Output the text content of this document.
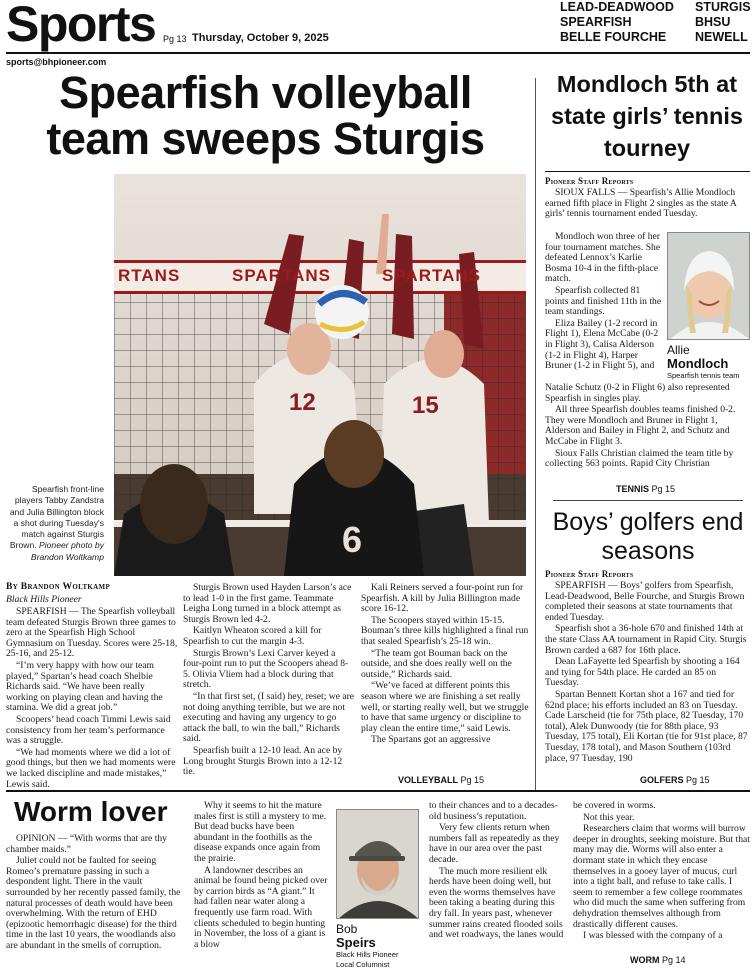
Sports Pg 13 Thursday, October 9, 2025
LEAD-DEADWOOD
SPEARFISH
BELLE FOURCHE
STURGIS
BHSU
NEWELL
sports@bhpioneer.com
Spearfish volleyball team sweeps Sturgis
RTANS	SPARTANS	SPARTANS
12	15
6
Spearfish front-line players Tabby Zandstra and Julia Billington block a shot during Tuesday's match against Sturgis Brown. Pioneer photo by Brandon Woltkamp
By Brandon Woltkamp
Black Hills Pioneer

SPEARFISH — The Spearfish volleyball team defeated Sturgis Brown three games to zero at the Spearfish High School Gymnasium on Tuesday. Scores were 25-18, 25-16, and 25-12.

“I’m very happy with how our team played,” Spartan’s head coach Shelbie Richards said. “We have been really working on playing clean and having the stamina. We did a great job.”

Scoopers’ head coach Timmi Lewis said consistency from her team’s performance was a struggle.

“We had moments where we did a lot of good things, but then we had moments were we lacked discipline and made mistakes,” Lewis said.

Sturgis Brown used Hayden Larson’s ace to lead 1-0 in the first game. Teammate Leigha Long turned in a block attempt as Sturgis Brown led 4-2.

Kaitlyn Wheaton scored a kill for Spearfish to cut the margin 4-3.

Sturgis Brown’s Lexi Carver keyed a four-point run to put the Scoopers ahead 8-5. Olivia Vliem had a block during that stretch.

“In that first set, (I said) hey, reset; we are not doing anything terrible, but we are not executing and having any urgency to go attack the ball, to win the ball,” Richards said.

Spearfish built a 12-10 lead. An ace by Long brought Sturgis Brown into a 12-12 tie.

Kali Reiners served a four-point run for Spearfish. A kill by Julia Billington made score 16-12.

The Scoopers stayed within 15-15. Bouman’s three kills highlighted a final run that sealed Spearfish’s 25-18 win.

“The team got Bouman back on the outside, and she does really well on the outside,” Richards said.

“We’ve faced at different points this season where we are finishing a set really well, or starting really well, but we struggle to have that same urgency or discipline to play clean the entire time,” said Lewis.

The Spartans got an aggressive

VOLLEYBALL Pg 15
Mondloch 5th at state girls’ tennis tourney
Pioneer Staff Reports

SIOUX FALLS — Spearfish’s Allie Mondloch earned fifth place in Flight 2 singles as the state A girls’ tennis tournament ended Tuesday.

Mondloch won three of her four tournament matches. She defeated Lennox’s Karlie Bosma 10-4 in the fifth-place match.

Spearfish collected 81 points and finished 11th in the team standings.

Eliza Bailey (1-2 record in Flight 1), Elena McCabe (0-2 in Flight 3), Calisa Alderson (1-2 in Flight 4), Harper Bruner (1-2 in Flight 5), and

Natalie Schutz (0-2 in Flight 6) also represented Spearfish in singles play.

All three Spearfish doubles teams finished 0-2. They were Mondloch and Bruner in Flight 1, Alderson and Bailey in Flight 2, and Schutz and McCabe in Flight 3.

Sioux Falls Christian claimed the team title by collecting 563 points. Rapid City Christian

Allie
Mondloch
Spearfish tennis team
TENNIS Pg 15
Boys’ golfers end seasons
Pioneer Staff Reports

SPEARFISH — Boys’ golfers from Spearfish, Lead-Deadwood, Belle Fourche, and Sturgis Brown completed their seasons at state tournaments that ended Tuesday.

Spearfish shot a 36-hole 670 and finished 14th at the state Class AA tournament in Rapid City. Sturgis Brown carded a 687 for 16th place.

Dean LaFayette led Spearfish by shooting a 164 and tying for 54th place. He carded an 85 on Tuesday.

Spartan Bennett Kortan shot a 167 and tied for 62nd place; his efforts included an 83 on Tuesday. Cade Larscheid (tie for 75th place, 82 Tuesday, 170 total), Alek Dunwoody (tie for 88th place, 93 Tuesday, 175 total), Eli Kortan (tie for 91st place, 87 Tuesday, 178 total), and Mason Southern (103rd place, 97 Tuesday, 190

GOLFERS Pg 15
Worm lover

OPINION — “With worms that are thy chamber maids.”

Juliet could not be faulted for seeing Romeo’s premature passing in such a despondent light. There in the vault surrounded by her recently passed family, the natural processes of death would have been overwhelming. With the return of EHD (epizootic hemorrhagic disease) for the third time in the last 10 years, the woodlands also are abundant in the smells of corruption.

Why it seems to hit the mature males first is still a mystery to me. But dead bucks have been abundant in the foothills as the disease expands once again from the prairie.

A landowner describes an animal he found being picked over by carrion birds as “A giant.” It had fallen near water along a frequently use farm road. With clients scheduled to begin hunting in November, the loss of a giant is a blow

Bob
Speirs
Black Hills Pioneer
Local Columnist

to their chances and to a decades-old business’s reputation.

Very few clients return when numbers fall as repeatedly as they have in our area over the past decade.

The much more resilient elk herds have been doing well, but even the worms themselves have been taking a beating during this dry fall. In years past, whenever summer rains created flooded soils and wet roadways, the lanes would

be covered in worms.

Not this year.

Researchers claim that worms will burrow deeper in droughts, seeking moisture. But that many may die. Worms will also enter a dormant state in which they encase themselves in a gooey layer of mucus, curl into a tight ball, and refuse to take calls. I seem to remember a few college roommates who did much the same when suffering from dehydration themselves although from drastically different causes.

I was blessed with the company of a

WORM Pg 14
